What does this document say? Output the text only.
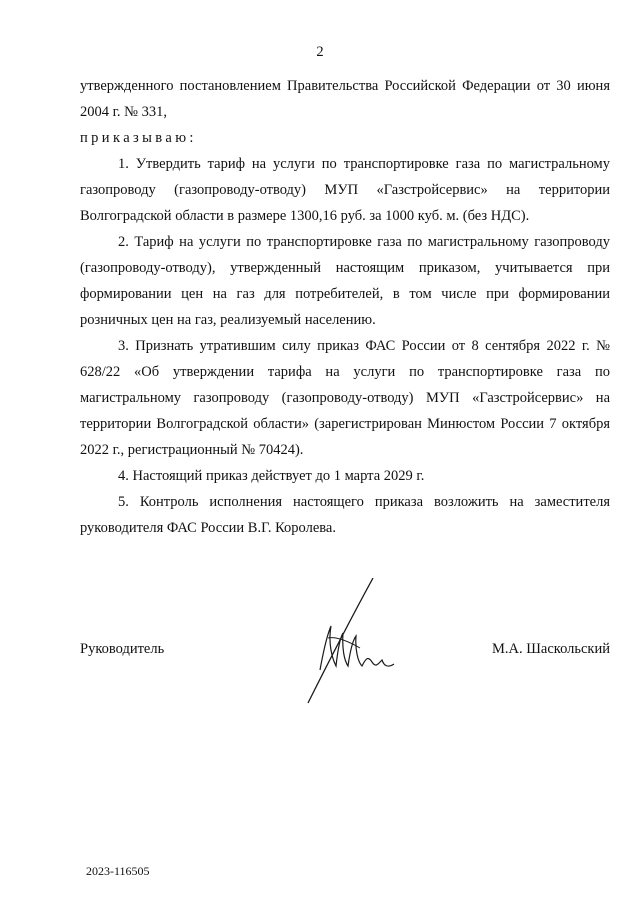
2

утвержденного постановлением Правительства Российской Федерации от 30 июня 2004 г. № 331,

приказываю:

1. Утвердить тариф на услуги по транспортировке газа по магистральному газопроводу (газопроводу-отводу) МУП «Газстройсервис» на территории Волгоградской области в размере 1300,16 руб. за 1000 куб. м. (без НДС).

2. Тариф на услуги по транспортировке газа по магистральному газопроводу (газопроводу-отводу), утвержденный настоящим приказом, учитывается при формировании цен на газ для потребителей, в том числе при формировании розничных цен на газ, реализуемый населению.

3. Признать утратившим силу приказ ФАС России от 8 сентября 2022 г. № 628/22 «Об утверждении тарифа на услуги по транспортировке газа по магистральному газопроводу (газопроводу-отводу) МУП «Газстройсервис» на территории Волгоградской области» (зарегистрирован Минюстом России 7 октября 2022 г., регистрационный № 70424).

4. Настоящий приказ действует до 1 марта 2029 г.

5. Контроль исполнения настоящего приказа возложить на заместителя руководителя ФАС России В.Г. Королева.

Руководитель	М.А. Шаскольский
2023-116505
